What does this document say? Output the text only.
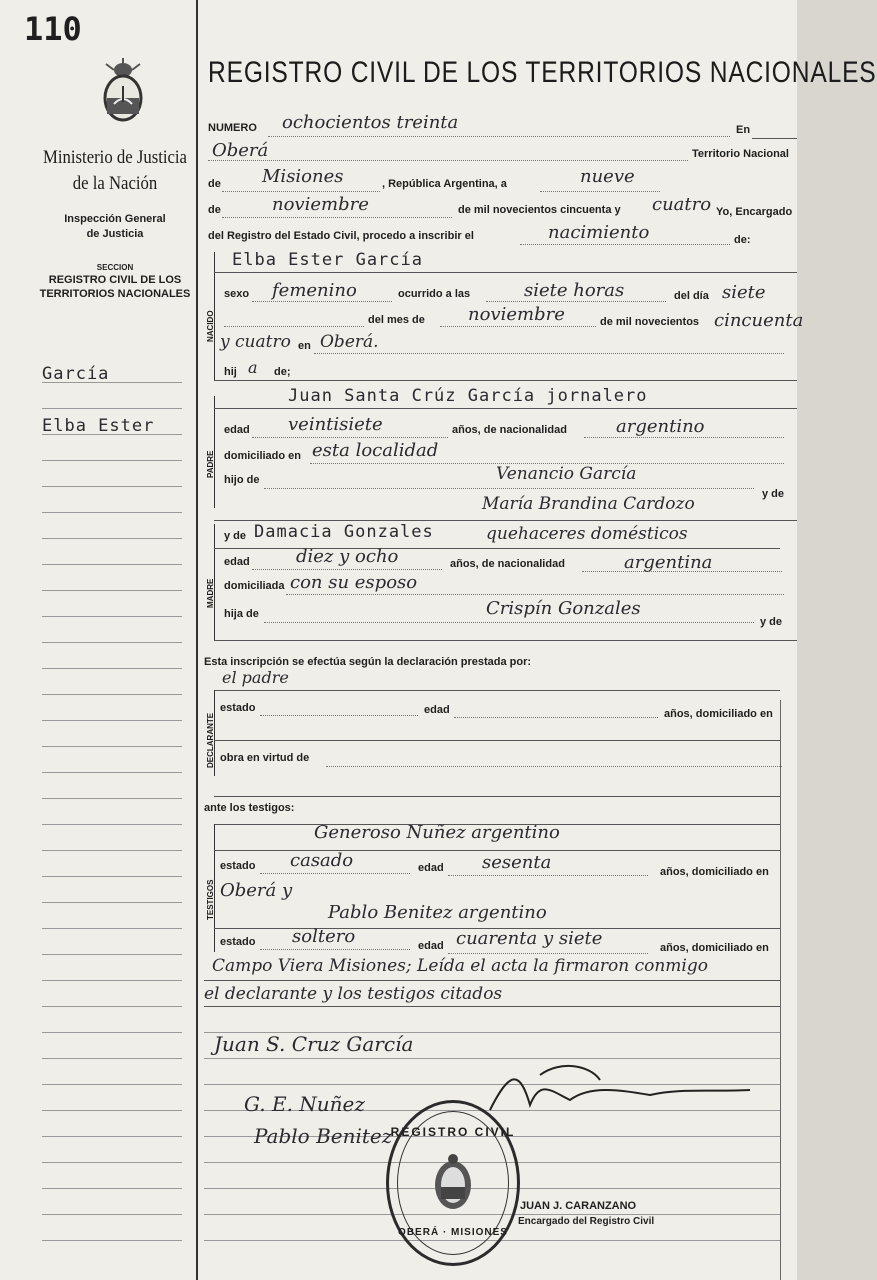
110
Ministerio de Justicia
de la Nación
Inspección General
de Justicia
SECCION
REGISTRO CIVIL DE LOS
TERRITORIOS NACIONALES
García
Elba Ester
REGISTRO CIVIL DE LOS TERRITORIOS NACIONALES
NUMERO ochocientos treinta	En
Oberá	Territorio Nacional
de Misiones	, República Argentina, a	nueve
de	noviembre	de mil novecientos cincuenta y cuatro Yo, Encargado
del Registro del Estado Civil, procedo a inscribir el	nacimiento	de:
NACIDO
Elba Ester García
sexo femenino	ocurrido a las	siete horas	del día siete
del mes de noviembre	de mil novecientos cincuenta
y cuatro en Oberá.
hij a de;
PADRE
Juan Santa Crúz García jornalero
edad veintisiete	años, de nacionalidad	argentino
domiciliado en esta localidad
hijo de	Venancio García
y de
María Brandina Cardozo
MADRE
y de Damacia Gonzales	quehaceres domésticos
edad	diez y ocho	años, de nacionalidad	argentina
domiciliada con su esposo
hija de	Crispín Gonzales
y de
Esta inscripción se efectúa según la declaración prestada por:
el padre
DECLARANTE
estado	edad	años, domiciliado en
obra en virtud de
ante los testigos:
TESTIGOS
Generoso Nuñez argentino
estado casado	edad sesenta	años, domiciliado en
Oberá y
Pablo Benitez argentino
estado soltero	edad cuarenta y siete	años, domiciliado en
Campo Viera Misiones; Leída el acta la firmaron conmigo
el declarante y los testigos citados
Juan S. Cruz García
G. E. Nuñez
Pablo Benitez
REGISTRO CIVIL
OBERÁ · MISIONES
JUAN J. CARANZANO
Encargado del Registro Civil
